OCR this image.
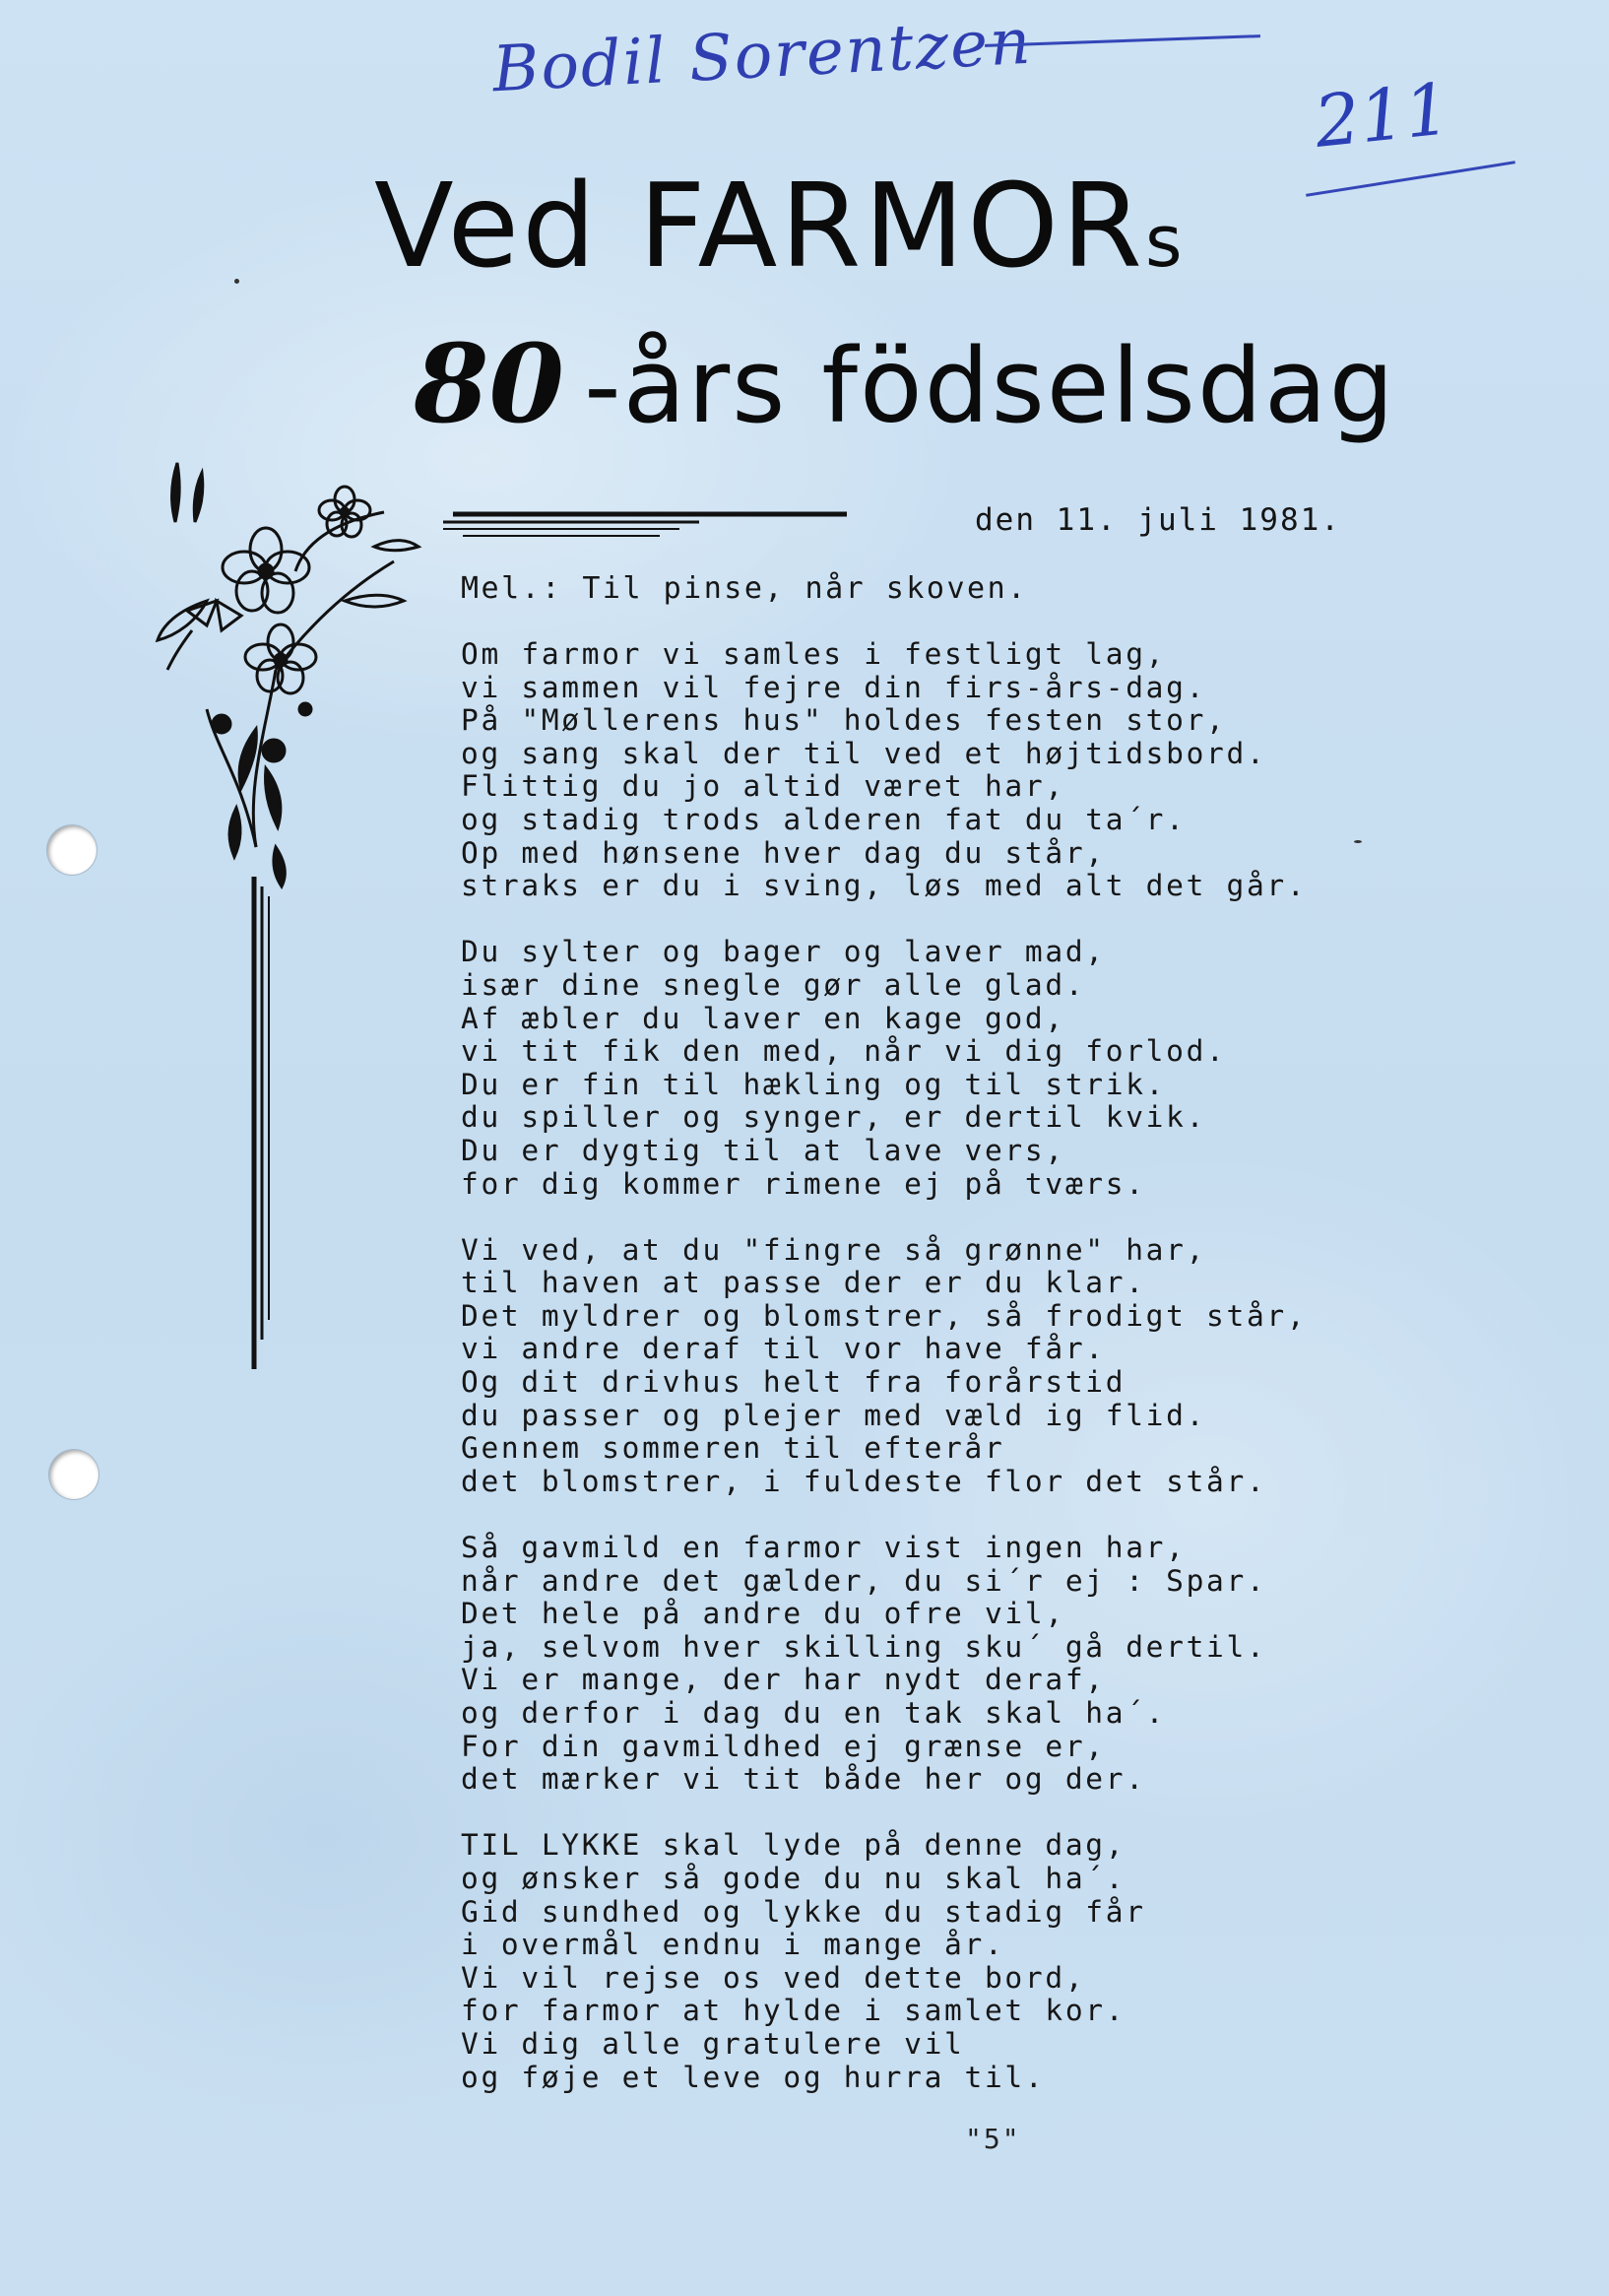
Bodil Sorentzen
211
Ved FARMORs
80 -års födselsdag
den 11. juli 1981.
Mel.: Til pinse, når skoven.
Om farmor vi samles i festligt lag,
vi sammen vil fejre din firs-års-dag.
På "Møllerens hus" holdes festen stor,
og sang skal der til ved et højtidsbord.
Flittig du jo altid været har,
og stadig trods alderen fat du ta´r.
Op med hønsene hver dag du står,
straks er du i sving, løs med alt det går.
Du sylter og bager og laver mad,
især dine snegle gør alle glad.
Af æbler du laver en kage god,
vi tit fik den med, når vi dig forlod.
Du er fin til hækling og til strik.
du spiller og synger, er dertil kvik.
Du er dygtig til at lave vers,
for dig kommer rimene ej på tværs.
Vi ved, at du "fingre så grønne" har,
til haven at passe der er du klar.
Det myldrer og blomstrer, så frodigt står,
vi andre deraf til vor have får.
Og dit drivhus helt fra forårstid
du passer og plejer med væld ig flid.
Gennem sommeren til efterår
det blomstrer, i fuldeste flor det står.
Så gavmild en farmor vist ingen har,
når andre det gælder, du si´r ej : Spar.
Det hele på andre du ofre vil,
ja, selvom hver skilling sku´ gå dertil.
Vi er mange, der har nydt deraf,
og derfor i dag du en tak skal ha´.
For din gavmildhed ej grænse er,
det mærker vi tit både her og der.
TIL LYKKE skal lyde på denne dag,
og ønsker så gode du nu skal ha´.
Gid sundhed og lykke du stadig får
i overmål endnu i mange år.
Vi vil rejse os ved dette bord,
for farmor at hylde i samlet kor.
Vi dig alle gratulere vil
og føje et leve og hurra til.
"5"
